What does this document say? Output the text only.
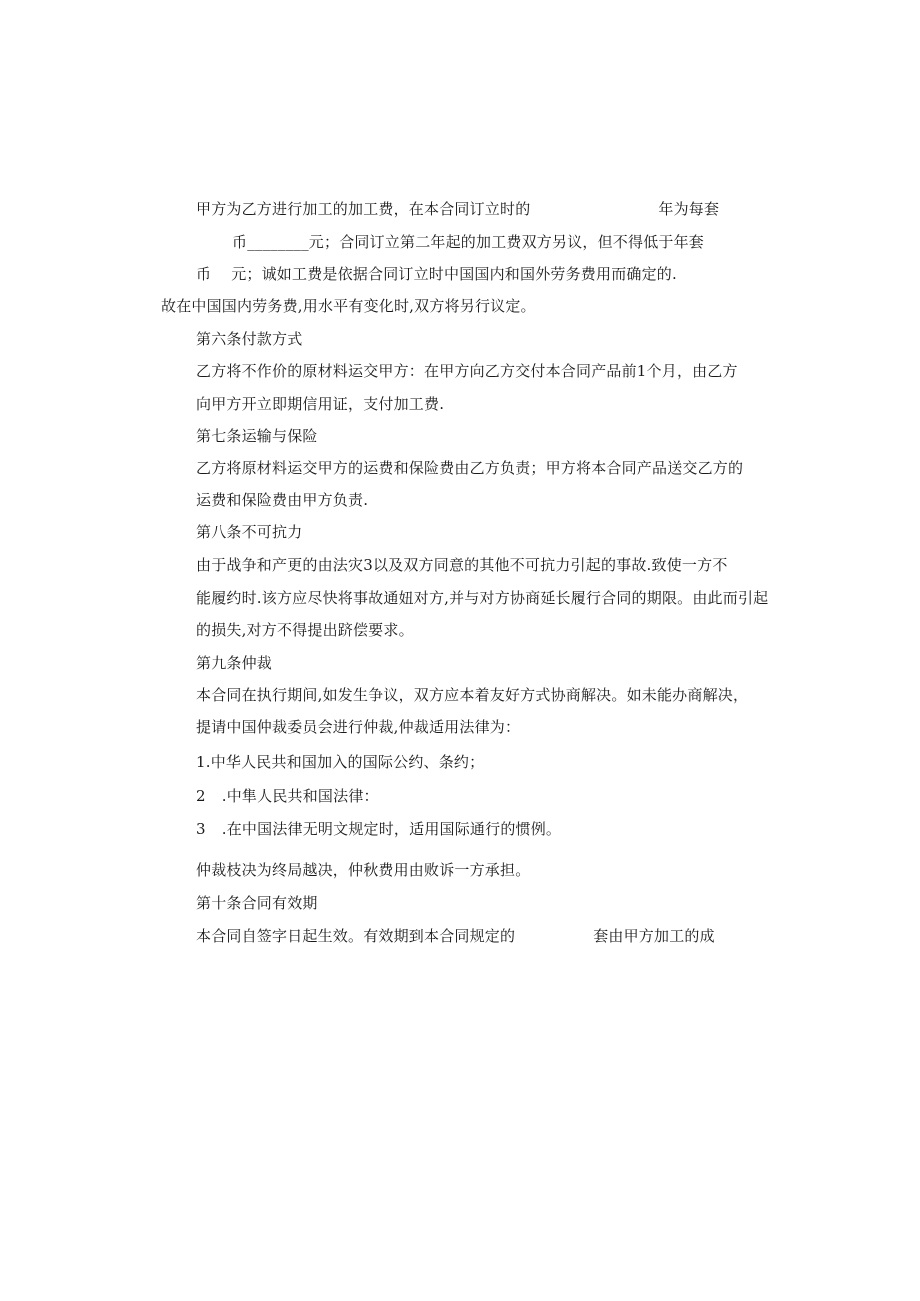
甲方为乙方进行加工的加工费，在本合同订立时的	年为每套
币________元；合同订立第二年起的加工费双方另议，但不得低于年套
币 元；诚如工费是依据合同订立时中国国内和国外劳务费用而确定的.
故在中国国内劳务费,用水平有变化时,双方将另行议定。
第六条付款方式
乙方将不作价的原材料运交甲方：在甲方向乙方交付本合同产品前1个月，由乙方
向甲方开立即期信用证，支付加工费.
第七条运输与保险
乙方将原材料运交甲方的运费和保险费由乙方负责；甲方将本合同产品送交乙方的
运费和保险费由甲方负责.
第八条不可抗力
由于战争和产更的由法灾3以及双方同意的其他不可抗力引起的事故.致使一方不
能履约时.该方应尽快将事故通妞对方,并与对方协商延长履行合同的期限。由此而引起
的损失,对方不得提出跻偿要求。
第九条仲裁
本合同在执行期间,如发生争议，双方应本着友好方式协商解决。如未能办商解决，
提请中国仲裁委员会进行仲裁,仲裁适用法律为：
1.中华人民共和国加入的国际公约、条约；
2 .中隼人民共和国法律：
3 .在中国法律无明文规定时，适用国际通行的惯例。
仲裁枝决为终局越决，仲秋费用由败诉一方承担。
第十条合同有效期
本合同自签字日起生效。有效期到本合同规定的	套由甲方加工的成
